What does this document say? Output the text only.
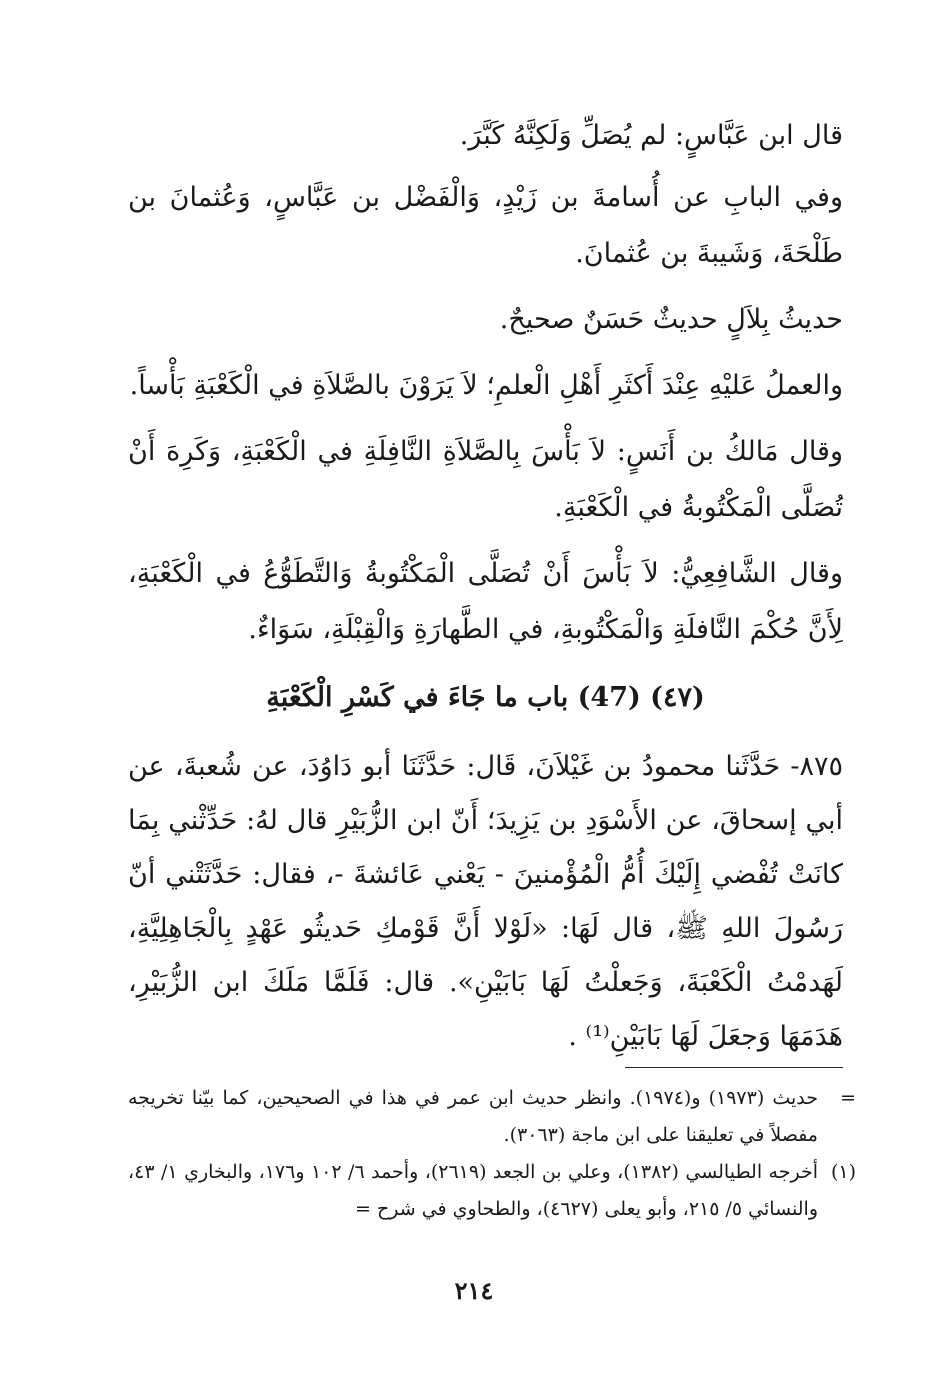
قال ابن عَبَّاسٍ: لم يُصَلِّ وَلَكِنَّهُ كَبَّرَ.

وفي البابِ عن أُسامةَ بن زَيْدٍ، وَالْفَضْل بن عَبَّاسٍ، وَعُثمانَ بن طَلْحَةَ، وَشَيبةَ بن عُثمانَ.

حديثُ بِلاَلٍ حديثٌ حَسَنٌ صحيحٌ.

والعملُ عَليْهِ عِنْدَ أَكثَرِ أَهْلِ الْعلمِ؛ لاَ يَرَوْنَ بالصَّلاَةِ في الْكَعْبَةِ بَأْساً.

وقال مَالكُ بن أَنَسٍ: لاَ بَأْسَ بِالصَّلاَةِ النَّافِلَةِ في الْكَعْبَةِ، وَكَرِهَ أَنْ تُصَلَّى الْمَكْتُوبةُ في الْكَعْبَةِ.

وقال الشَّافِعِيُّ: لاَ بَأْسَ أَنْ تُصَلَّى الْمَكْتُوبةُ وَالتَّطَوُّعُ في الْكَعْبَةِ، لِأَنَّ حُكْمَ النَّافلَةِ وَالْمَكْتُوبةِ، في الطَّهارَةِ وَالْقِبْلَةِ، سَوَاءٌ.

(٤٧) (47) باب ما جَاءَ في كَسْرِ الْكَعْبَةِ

٨٧٥- حَدَّثَنا محمودُ بن غَيْلاَنَ، قَال: حَدَّثَنَا أبو دَاوُدَ، عن شُعبةَ، عن أبي إسحاقَ، عن الأَسْوَدِ بن يَزِيدَ؛ أَنّ ابن الزُّبَيْرِ قال لهُ: حَدِّثْني بِمَا كانَتْ تُفْضي إِلَيْكَ أُمُّ الْمُؤْمنينَ - يَعْني عَائشةَ -، فقال: حَدَّثَتْني أنّ رَسُولَ اللهِ ﷺ، قال لَهَا: «لَوْلا أَنَّ قَوْمكِ حَديثُو عَهْدٍ بِالْجَاهِلِيَّةِ، لَهَدمْتُ الْكَعْبَةَ، وَجَعلْتُ لَهَا بَابَيْنِ». قال: فَلَمَّا مَلَكَ ابن الزُّبَيْرِ، هَدَمَهَا وَجعَلَ لَهَا بَابَيْنِ⁽¹⁾ .

=
حديث (١٩٧٣) و(١٩٧٤). وانظر حديث ابن عمر في هذا في الصحيحين، كما بيّنا تخريجه مفصلاً في تعليقنا على ابن ماجة (٣٠٦٣).
(١)
أخرجه الطيالسي (١٣٨٢)، وعلي بن الجعد (٢٦١٩)، وأحمد ٦/ ١٠٢ و١٧٦، والبخاري ١/ ٤٣، والنسائي ٥/ ٢١٥، وأبو يعلى (٤٦٢٧)، والطحاوي في شرح =
٢١٤
